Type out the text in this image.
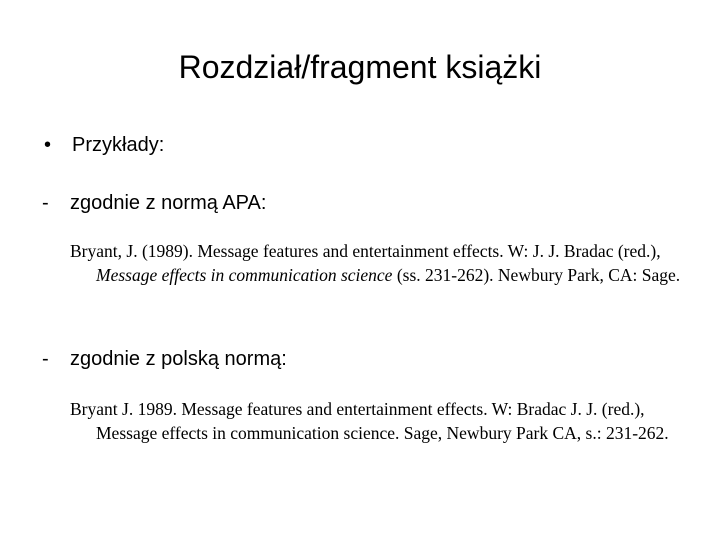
Rozdział/fragment książki
• Przykłady:
- zgodnie z normą APA:
Bryant, J. (1989). Message features and entertainment effects. W: J. J. Bradac (red.), Message effects in communication science (ss. 231-262). Newbury Park, CA: Sage.
- zgodnie z polską normą:
Bryant J. 1989. Message features and entertainment effects. W: Bradac J. J. (red.), Message effects in communication science. Sage, Newbury Park CA, s.: 231-262.
